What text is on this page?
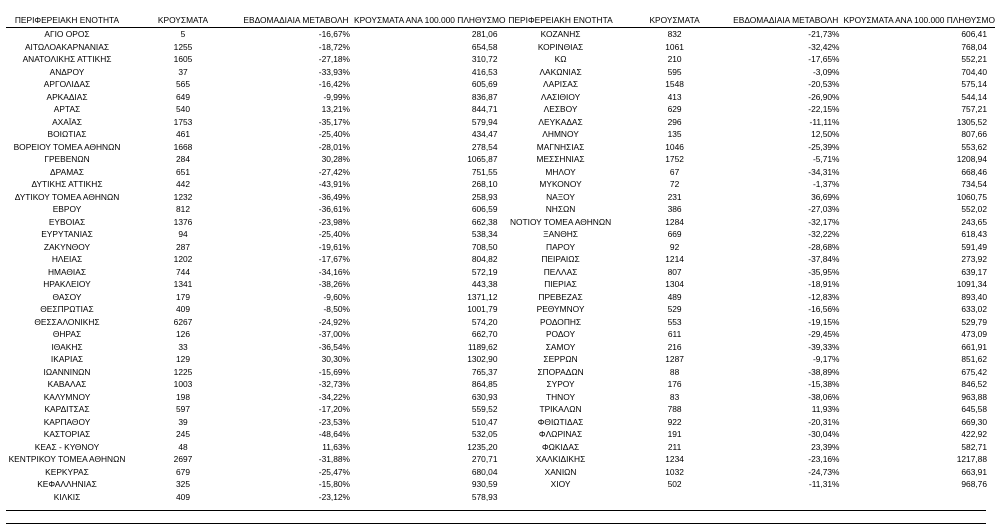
ΠΕΡΙΦΕΡΕΙΑΚΗ ΕΝΟΤΗΤΑ	ΚΡΟΥΣΜΑΤΑ	ΕΒΔΟΜΑΔΙΑΙΑ ΜΕΤΑΒΟΛΗ	ΚΡΟΥΣΜΑΤΑ ΑΝΑ 100.000 ΠΛΗΘΥΣΜΟ
ΑΓΙΟ ΟΡΟΣ	5	-16,67%	281,06
ΑΙΤΩΛΟΑΚΑΡΝΑΝΙΑΣ	1255	-18,72%	654,58
ΑΝΑΤΟΛΙΚΗΣ ΑΤΤΙΚΗΣ	1605	-27,18%	310,72
ΑΝΔΡΟΥ	37	-33,93%	416,53
ΑΡΓΟΛΙΔΑΣ	565	-16,42%	605,69
ΑΡΚΑΔΙΑΣ	649	-9,99%	836,87
ΑΡΤΑΣ	540	13,21%	844,71
ΑΧΑΪΑΣ	1753	-35,17%	579,94
ΒΟΙΩΤΙΑΣ	461	-25,40%	434,47
ΒΟΡΕΙΟΥ ΤΟΜΕΑ ΑΘΗΝΩΝ	1668	-28,01%	278,54
ΓΡΕΒΕΝΩΝ	284	30,28%	1065,87
ΔΡΑΜΑΣ	651	-27,42%	751,55
ΔΥΤΙΚΗΣ ΑΤΤΙΚΗΣ	442	-43,91%	268,10
ΔΥΤΙΚΟΥ ΤΟΜΕΑ ΑΘΗΝΩΝ	1232	-36,49%	258,93
ΕΒΡΟΥ	812	-36,61%	606,59
ΕΥΒΟΙΑΣ	1376	-23,98%	662,38
ΕΥΡΥΤΑΝΙΑΣ	94	-25,40%	538,34
ΖΑΚΥΝΘΟΥ	287	-19,61%	708,50
ΗΛΕΙΑΣ	1202	-17,67%	804,82
ΗΜΑΘΙΑΣ	744	-34,16%	572,19
ΗΡΑΚΛΕΙΟΥ	1341	-38,26%	443,38
ΘΑΣΟΥ	179	-9,60%	1371,12
ΘΕΣΠΡΩΤΙΑΣ	409	-8,50%	1001,79
ΘΕΣΣΑΛΟΝΙΚΗΣ	6267	-24,92%	574,20
ΘΗΡΑΣ	126	-37,00%	662,70
ΙΘΑΚΗΣ	33	-36,54%	1189,62
ΙΚΑΡΙΑΣ	129	30,30%	1302,90
ΙΩΑΝΝΙΝΩΝ	1225	-15,69%	765,37
ΚΑΒΑΛΑΣ	1003	-32,73%	864,85
ΚΑΛΥΜΝΟΥ	198	-34,22%	630,93
ΚΑΡΔΙΤΣΑΣ	597	-17,20%	559,52
ΚΑΡΠΑΘΟΥ	39	-23,53%	510,47
ΚΑΣΤΟΡΙΑΣ	245	-48,64%	532,05
ΚΕΑΣ - ΚΥΘΝΟΥ	48	11,63%	1235,20
ΚΕΝΤΡΙΚΟΥ ΤΟΜΕΑ ΑΘΗΝΩΝ	2697	-31,88%	270,71
ΚΕΡΚΥΡΑΣ	679	-25,47%	680,04
ΚΕΦΑΛΛΗΝΙΑΣ	325	-15,80%	930,59
ΚΙΛΚΙΣ	409	-23,12%	578,93
ΠΕΡΙΦΕΡΕΙΑΚΗ ΕΝΟΤΗΤΑ	ΚΡΟΥΣΜΑΤΑ	ΕΒΔΟΜΑΔΙΑΙΑ ΜΕΤΑΒΟΛΗ	ΚΡΟΥΣΜΑΤΑ ΑΝΑ 100.000 ΠΛΗΘΥΣΜΟ
ΚΟΖΑΝΗΣ	832	-21,73%	606,41
ΚΟΡΙΝΘΙΑΣ	1061	-32,42%	768,04
ΚΩ	210	-17,65%	552,21
ΛΑΚΩΝΙΑΣ	595	-3,09%	704,40
ΛΑΡΙΣΑΣ	1548	-20,53%	575,14
ΛΑΣΙΘΙΟΥ	413	-26,90%	544,14
ΛΕΣΒΟΥ	629	-22,15%	757,21
ΛΕΥΚΑΔΑΣ	296	-11,11%	1305,52
ΛΗΜΝΟΥ	135	12,50%	807,66
ΜΑΓΝΗΣΙΑΣ	1046	-25,39%	553,62
ΜΕΣΣΗΝΙΑΣ	1752	-5,71%	1208,94
ΜΗΛΟΥ	67	-34,31%	668,46
ΜΥΚΟΝΟΥ	72	-1,37%	734,54
ΝΑΞΟΥ	231	36,69%	1060,75
ΝΗΣΩΝ	386	-27,03%	552,02
ΝΟΤΙΟΥ ΤΟΜΕΑ ΑΘΗΝΩΝ	1284	-32,17%	243,65
ΞΑΝΘΗΣ	669	-32,22%	618,43
ΠΑΡΟΥ	92	-28,68%	591,49
ΠΕΙΡΑΙΩΣ	1214	-37,84%	273,92
ΠΕΛΛΑΣ	807	-35,95%	639,17
ΠΙΕΡΙΑΣ	1304	-18,91%	1091,34
ΠΡΕΒΕΖΑΣ	489	-12,83%	893,40
ΡΕΘΥΜΝΟΥ	529	-16,56%	633,02
ΡΟΔΟΠΗΣ	553	-19,15%	529,79
ΡΟΔΟΥ	611	-29,45%	473,09
ΣΑΜΟΥ	216	-39,33%	661,91
ΣΕΡΡΩΝ	1287	-9,17%	851,62
ΣΠΟΡΑΔΩΝ	88	-38,89%	675,42
ΣΥΡΟΥ	176	-15,38%	846,52
ΤΗΝΟΥ	83	-38,06%	963,88
ΤΡΙΚΑΛΩΝ	788	11,93%	645,58
ΦΘΙΩΤΙΔΑΣ	922	-20,31%	669,30
ΦΛΩΡΙΝΑΣ	191	-30,04%	422,92
ΦΩΚΙΔΑΣ	211	23,39%	582,71
ΧΑΛΚΙΔΙΚΗΣ	1234	-23,16%	1217,88
ΧΑΝΙΩΝ	1032	-24,73%	663,91
ΧΙΟΥ	502	-11,31%	968,76
